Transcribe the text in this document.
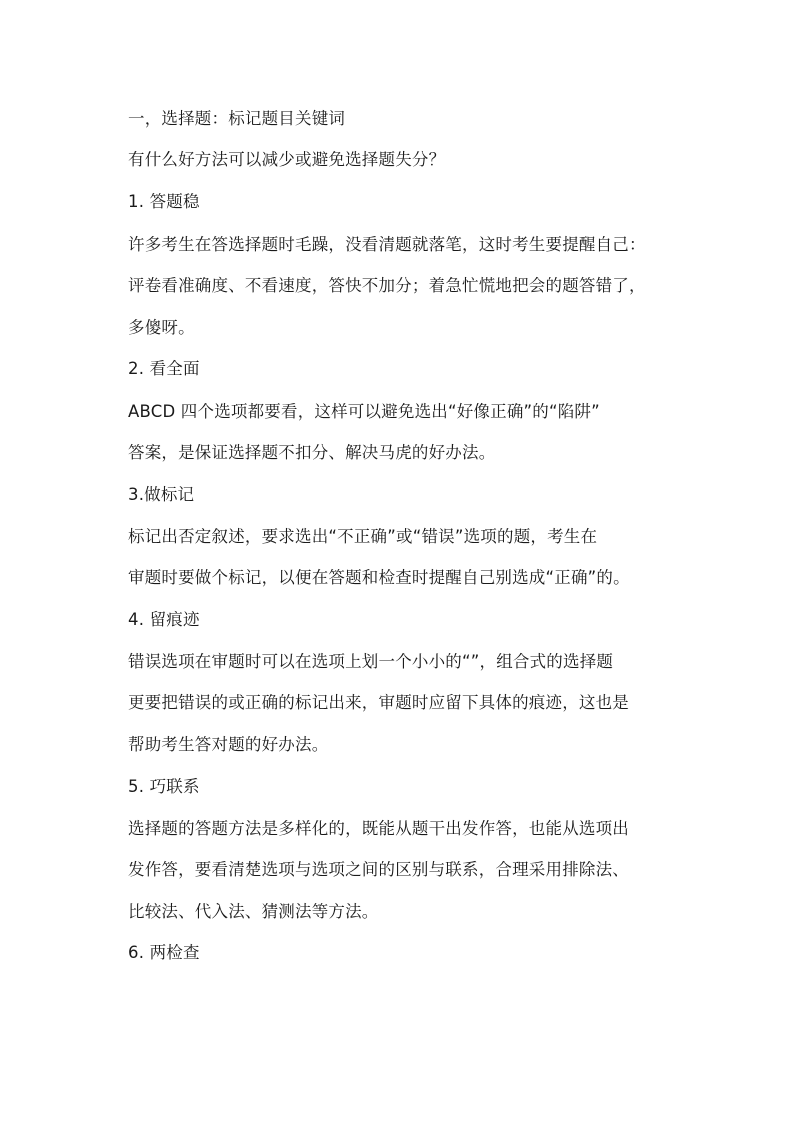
一，选择题：标记题目关键词
有什么好方法可以减少或避免选择题失分？
1. 答题稳
许多考生在答选择题时毛躁，没看清题就落笔，这时考生要提醒自己：
评卷看准确度、不看速度，答快不加分；着急忙慌地把会的题答错了，
多傻呀。
2. 看全面
ABCD 四个选项都要看，这样可以避免选出“好像正确”的“陷阱”
答案，是保证选择题不扣分、解决马虎的好办法。
3.做标记
标记出否定叙述，要求选出“不正确”或“错误”选项的题，考生在
审题时要做个标记，以便在答题和检查时提醒自己别选成“正确”的。
4. 留痕迹
错误选项在审题时可以在选项上划一个小小的“”，组合式的选择题
更要把错误的或正确的标记出来，审题时应留下具体的痕迹，这也是
帮助考生答对题的好办法。
5. 巧联系
选择题的答题方法是多样化的，既能从题干出发作答，也能从选项出
发作答，要看清楚选项与选项之间的区别与联系，合理采用排除法、
比较法、代入法、猜测法等方法。
6. 两检查
